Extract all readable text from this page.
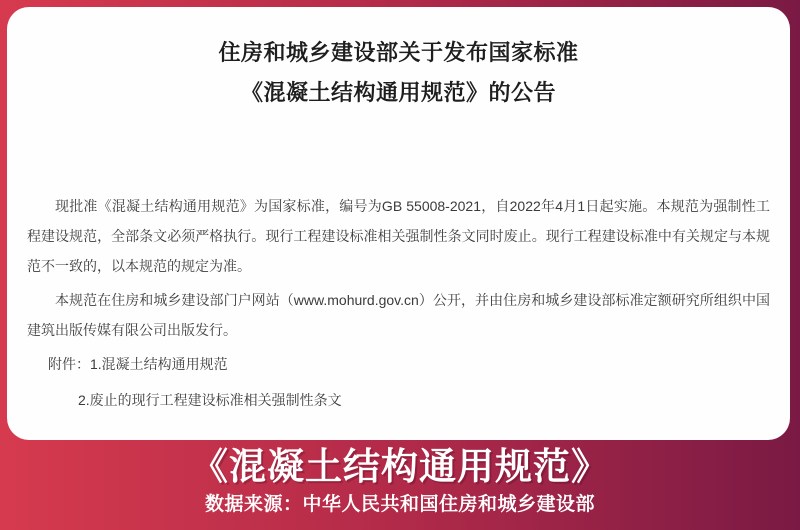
住房和城乡建设部关于发布国家标准
《混凝土结构通用规范》的公告

现批准《混凝土结构通用规范》为国家标准，编号为GB 55008-2021，自2022年4月1日起实施。本规范为强制性工程建设规范，全部条文必须严格执行。现行工程建设标准相关强制性条文同时废止。现行工程建设标准中有关规定与本规范不一致的，以本规范的规定为准。

本规范在住房和城乡建设部门户网站（www.mohurd.gov.cn）公开，并由住房和城乡建设部标准定额研究所组织中国建筑出版传媒有限公司出版发行。

附件：1.混凝土结构通用规范
2.废止的现行工程建设标准相关强制性条文
《混凝土结构通用规范》

数据来源：中华人民共和国住房和城乡建设部
